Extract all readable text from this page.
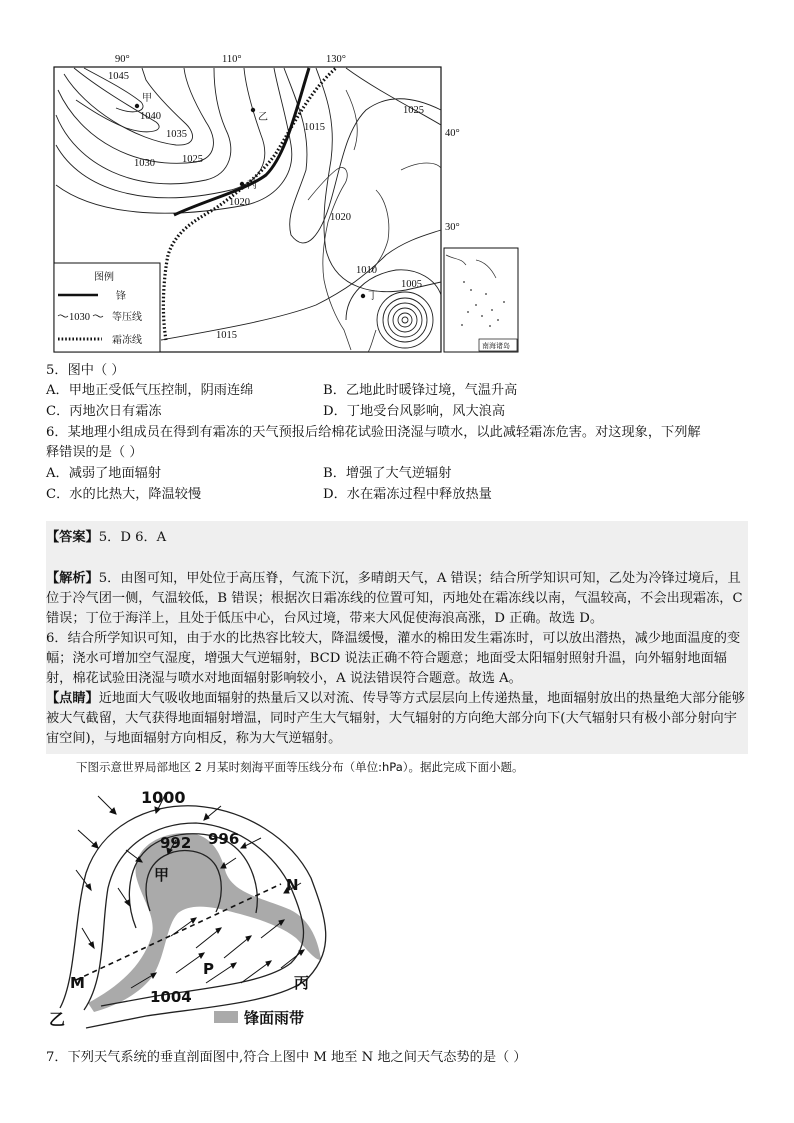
90°	110°	130°
40°
30°
1045
1040
1035
1030	1025
1020
1025
1020
1015
1015
1010
1005
甲
乙
丙
丁
图例
锋
1030 等压线
霜冻线	南海诸岛
5．图中（ ）
A．甲地正受低气压控制，阴雨连绵	B．乙地此时暖锋过境，气温升高
C．丙地次日有霜冻	D．丁地受台风影响，风大浪高
6．某地理小组成员在得到有霜冻的天气预报后给棉花试验田浇湿与喷水，以此减轻霜冻危害。对这现象，下列解
释错误的是（ ）
A．减弱了地面辐射	B．增强了大气逆辐射
C．水的比热大，降温较慢	D．水在霜冻过程中释放热量
【答案】5．D 6．A
【解析】5．由图可知，甲处位于高压脊，气流下沉，多晴朗天气，A 错误；结合所学知识可知，乙处为冷锋过境后，且位于冷气团一侧，气温较低，B 错误；根据次日霜冻线的位置可知，丙地处在霜冻线以南，气温较高，不会出现霜冻，C 错误；丁位于海洋上，且处于低压中心，台风过境，带来大风促使海浪高涨，D 正确。故选 D。
6．结合所学知识可知，由于水的比热容比较大，降温缓慢，灌水的棉田发生霜冻时，可以放出潜热，减少地面温度的变幅；浇水可增加空气湿度，增强大气逆辐射，BCD 说法正确不符合题意；地面受太阳辐射照射升温，向外辐射地面辐射，棉花试验田浇湿与喷水对地面辐射影响较小，A 说法错误符合题意。故选 A。
【点睛】近地面大气吸收地面辐射的热量后又以对流、传导等方式层层向上传递热量，地面辐射放出的热量绝大部分能够被大气截留，大气获得地面辐射增温，同时产生大气辐射，大气辐射的方向绝大部分向下(大气辐射只有极小部分射向宇宙空间)，与地面辐射方向相反，称为大气逆辐射。
下图示意世界局部地区 2 月某时刻海平面等压线分布（单位:hPa）。据此完成下面小题。
1000
996
992
1004
甲
乙
丙
M
N
P
锋面雨带
7．下列天气系统的垂直剖面图中,符合上图中 M 地至 N 地之间天气态势的是（ ）
